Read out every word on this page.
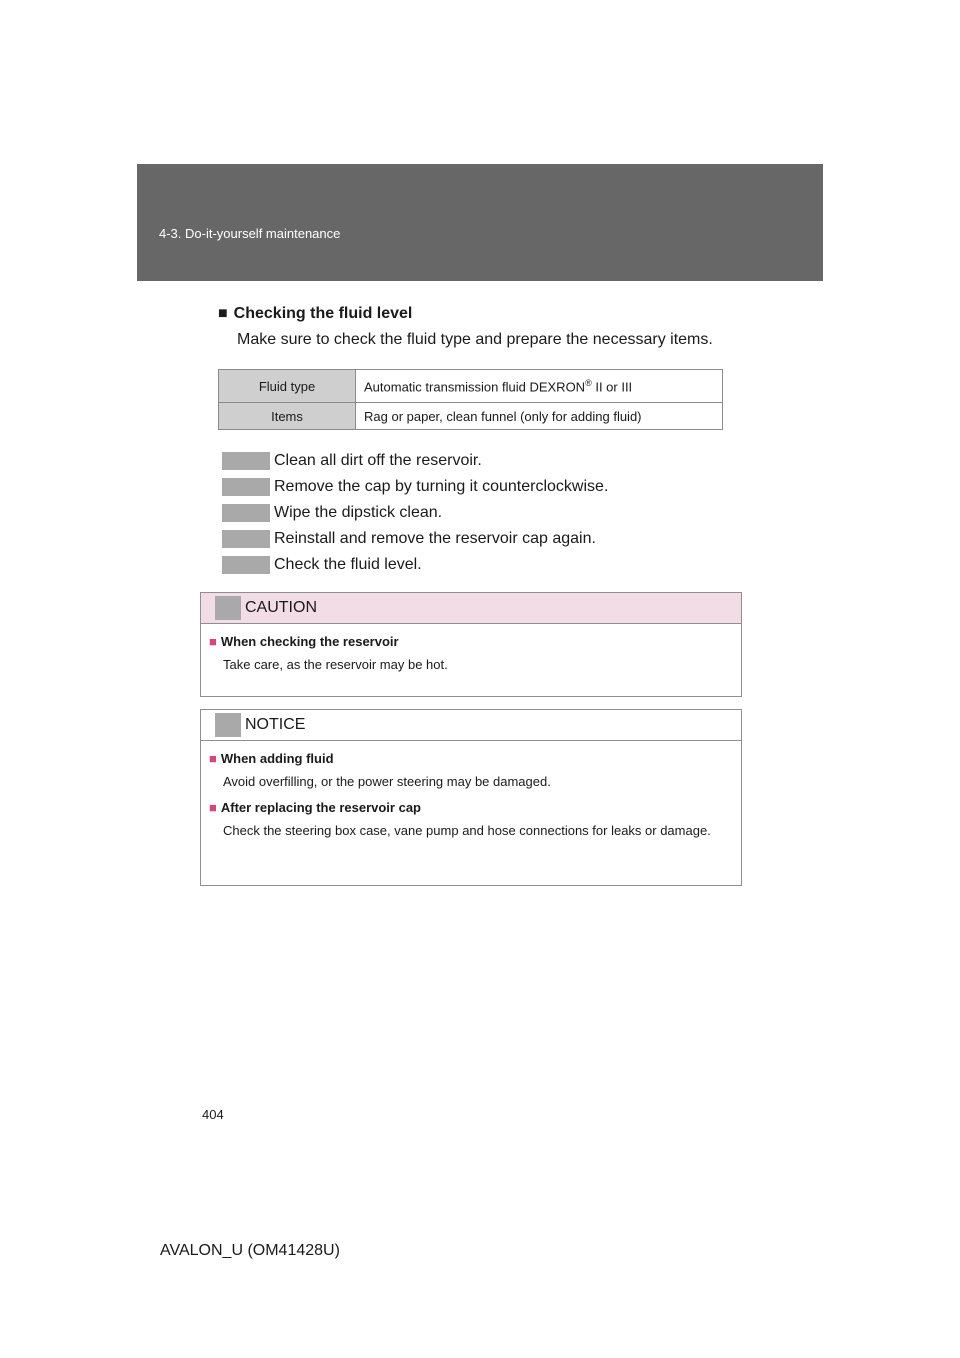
4-3. Do-it-yourself maintenance
■ Checking the fluid level
Make sure to check the fluid type and prepare the necessary items.
Fluid type	Automatic transmission fluid DEXRON® II or III
Items	Rag or paper, clean funnel (only for adding fluid)
Clean all dirt off the reservoir.
Remove the cap by turning it counterclockwise.
Wipe the dipstick clean.
Reinstall and remove the reservoir cap again.
Check the fluid level.
CAUTION
■ When checking the reservoir
Take care, as the reservoir may be hot.
NOTICE
■ When adding fluid
Avoid overfilling, or the power steering may be damaged.
■ After replacing the reservoir cap
Check the steering box case, vane pump and hose connections for leaks or damage.
404
AVALON_U (OM41428U)
